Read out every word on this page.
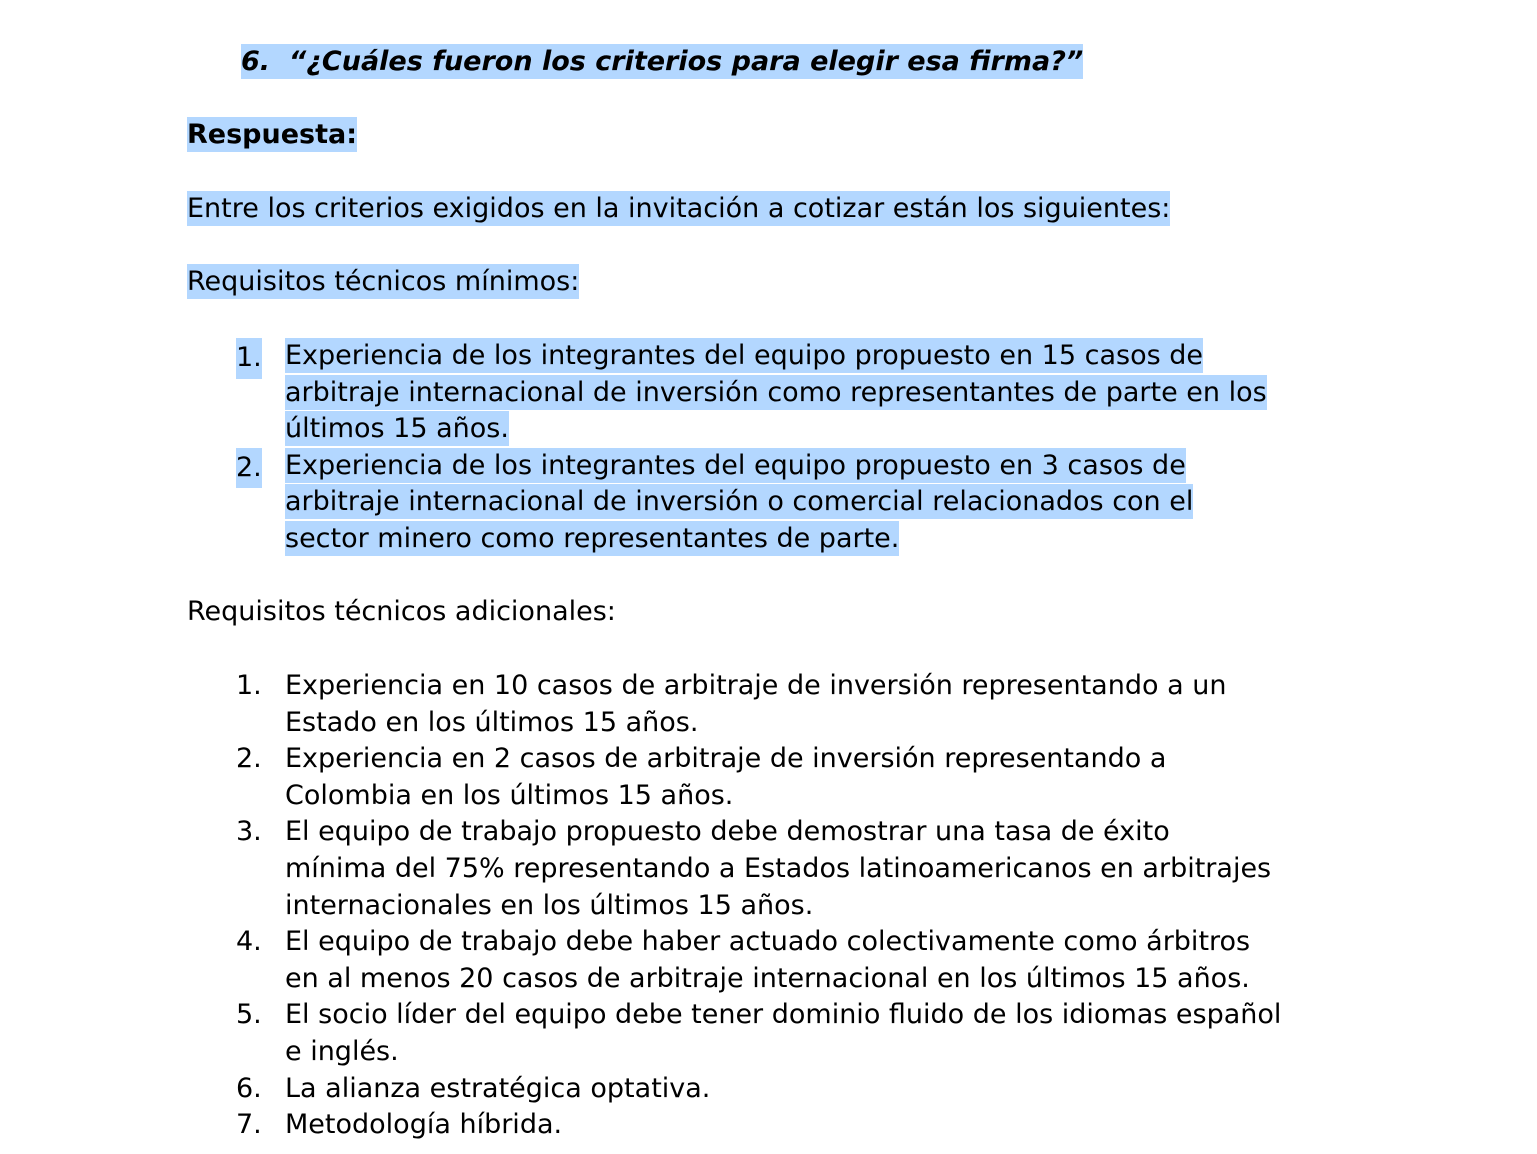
6. “¿Cuáles fueron los criterios para elegir esa firma?”
Respuesta:
Entre los criterios exigidos en la invitación a cotizar están los siguientes:
Requisitos técnicos mínimos:
1. Experiencia de los integrantes del equipo propuesto en 15 casos de
arbitraje internacional de inversión como representantes de parte en los
últimos 15 años.
2. Experiencia de los integrantes del equipo propuesto en 3 casos de
arbitraje internacional de inversión o comercial relacionados con el
sector minero como representantes de parte.
Requisitos técnicos adicionales:
1. Experiencia en 10 casos de arbitraje de inversión representando a un
Estado en los últimos 15 años.
2. Experiencia en 2 casos de arbitraje de inversión representando a
Colombia en los últimos 15 años.
3. El equipo de trabajo propuesto debe demostrar una tasa de éxito
mínima del 75% representando a Estados latinoamericanos en arbitrajes
internacionales en los últimos 15 años.
4. El equipo de trabajo debe haber actuado colectivamente como árbitros
en al menos 20 casos de arbitraje internacional en los últimos 15 años.
5. El socio líder del equipo debe tener dominio fluido de los idiomas español
e inglés.
6. La alianza estratégica optativa.
7. Metodología híbrida.
